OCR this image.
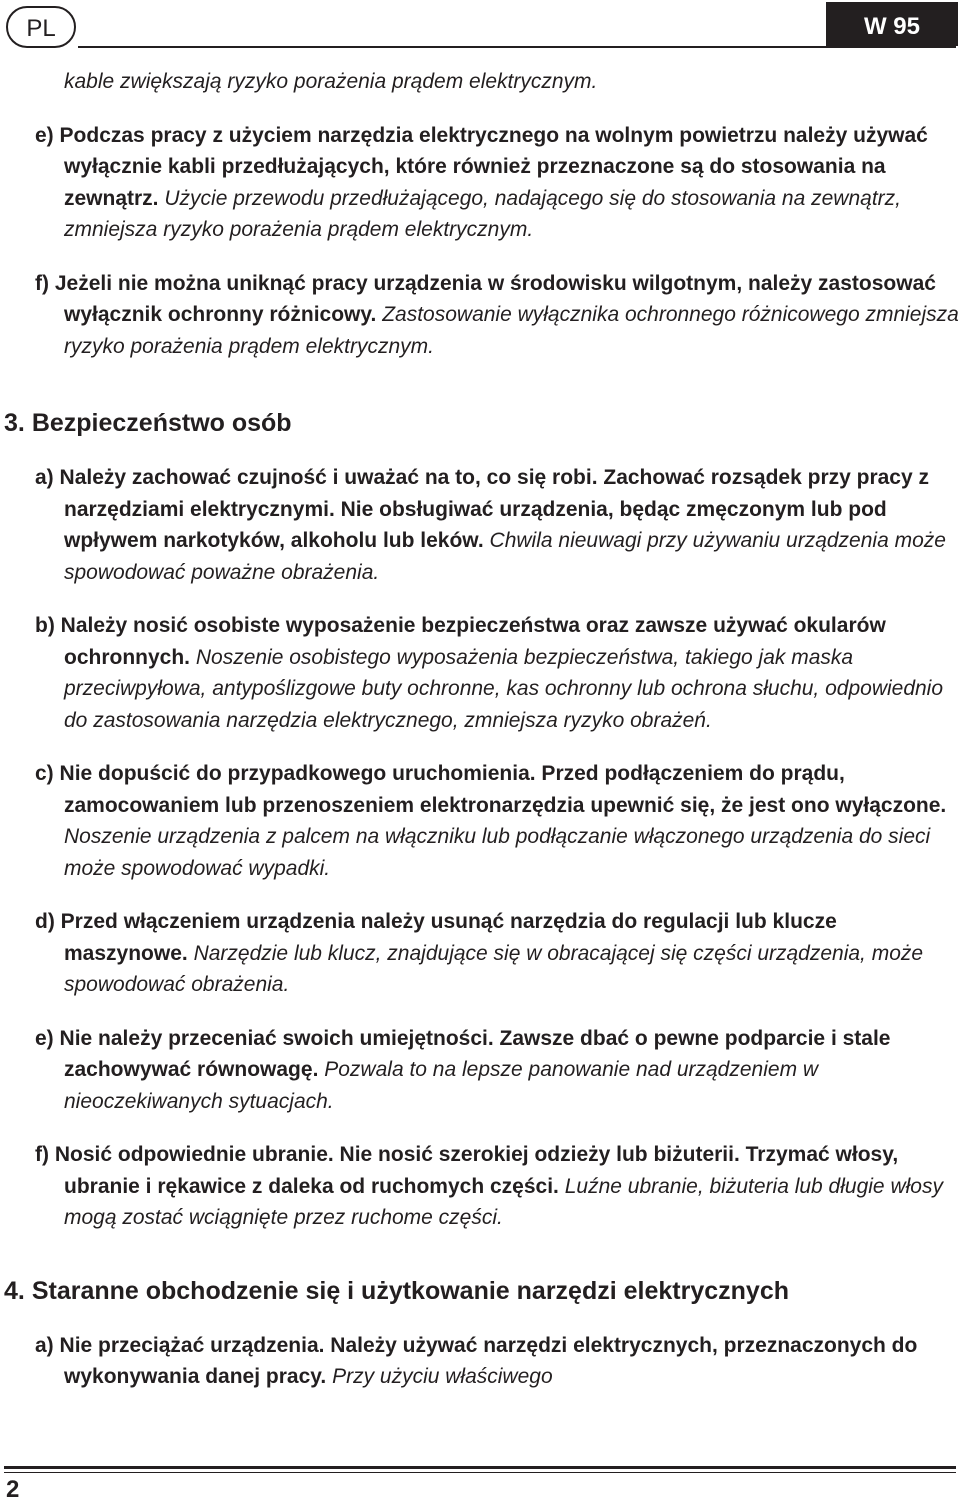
PL	W 95

kable zwiększają ryzyko porażenia prądem elektrycznym.

e) Podczas pracy z użyciem narzędzia elektrycznego na wolnym powietrzu należy używać wyłącznie kabli przedłużających, które również przeznaczone są do stosowania na zewnątrz. Użycie przewodu przedłużającego, nadającego się do stosowania na zewnątrz, zmniejsza ryzyko porażenia prądem elektrycznym.

f) Jeżeli nie można uniknąć pracy urządzenia w środowisku wilgotnym, należy zastosować wyłącznik ochronny różnicowy. Zastosowanie wyłącznika ochronnego różnicowego zmniejsza ryzyko porażenia prądem elektrycznym.

3. Bezpieczeństwo osób

a) Należy zachować czujność i uważać na to, co się robi. Zachować rozsądek przy pracy z narzędziami elektrycznymi. Nie obsługiwać urządzenia, będąc zmęczonym lub pod wpływem narkotyków, alkoholu lub leków. Chwila nieuwagi przy używaniu urządzenia może spowodować poważne obrażenia.

b) Należy nosić osobiste wyposażenie bezpieczeństwa oraz zawsze używać okularów ochronnych. Noszenie osobistego wyposażenia bezpieczeństwa, takiego jak maska przeciwpyłowa, antypoślizgowe buty ochronne, kas ochronny lub ochrona słuchu, odpowiednio do zastosowania narzędzia elektrycznego, zmniejsza ryzyko obrażeń.

c) Nie dopuścić do przypadkowego uruchomienia. Przed podłączeniem do prądu, zamocowaniem lub przenoszeniem elektronarzędzia upewnić się, że jest ono wyłączone. Noszenie urządzenia z palcem na włączniku lub podłączanie włączonego urządzenia do sieci może spowodować wypadki.

d) Przed włączeniem urządzenia należy usunąć narzędzia do regulacji lub klucze maszynowe. Narzędzie lub klucz, znajdujące się w obracającej się części urządzenia, może spowodować obrażenia.

e) Nie należy przeceniać swoich umiejętności. Zawsze dbać o pewne podparcie i stale zachowywać równowagę. Pozwala to na lepsze panowanie nad urządzeniem w nieoczekiwanych sytuacjach.

f) Nosić odpowiednie ubranie. Nie nosić szerokiej odzieży lub biżuterii. Trzymać włosy, ubranie i rękawice z daleka od ruchomych części. Luźne ubranie, biżuteria lub długie włosy mogą zostać wciągnięte przez ruchome części.

4. Staranne obchodzenie się i użytkowanie narzędzi elektrycznych

a) Nie przeciążać urządzenia. Należy używać narzędzi elektrycznych, przeznaczonych do wykonywania danej pracy. Przy użyciu właściwego

2
